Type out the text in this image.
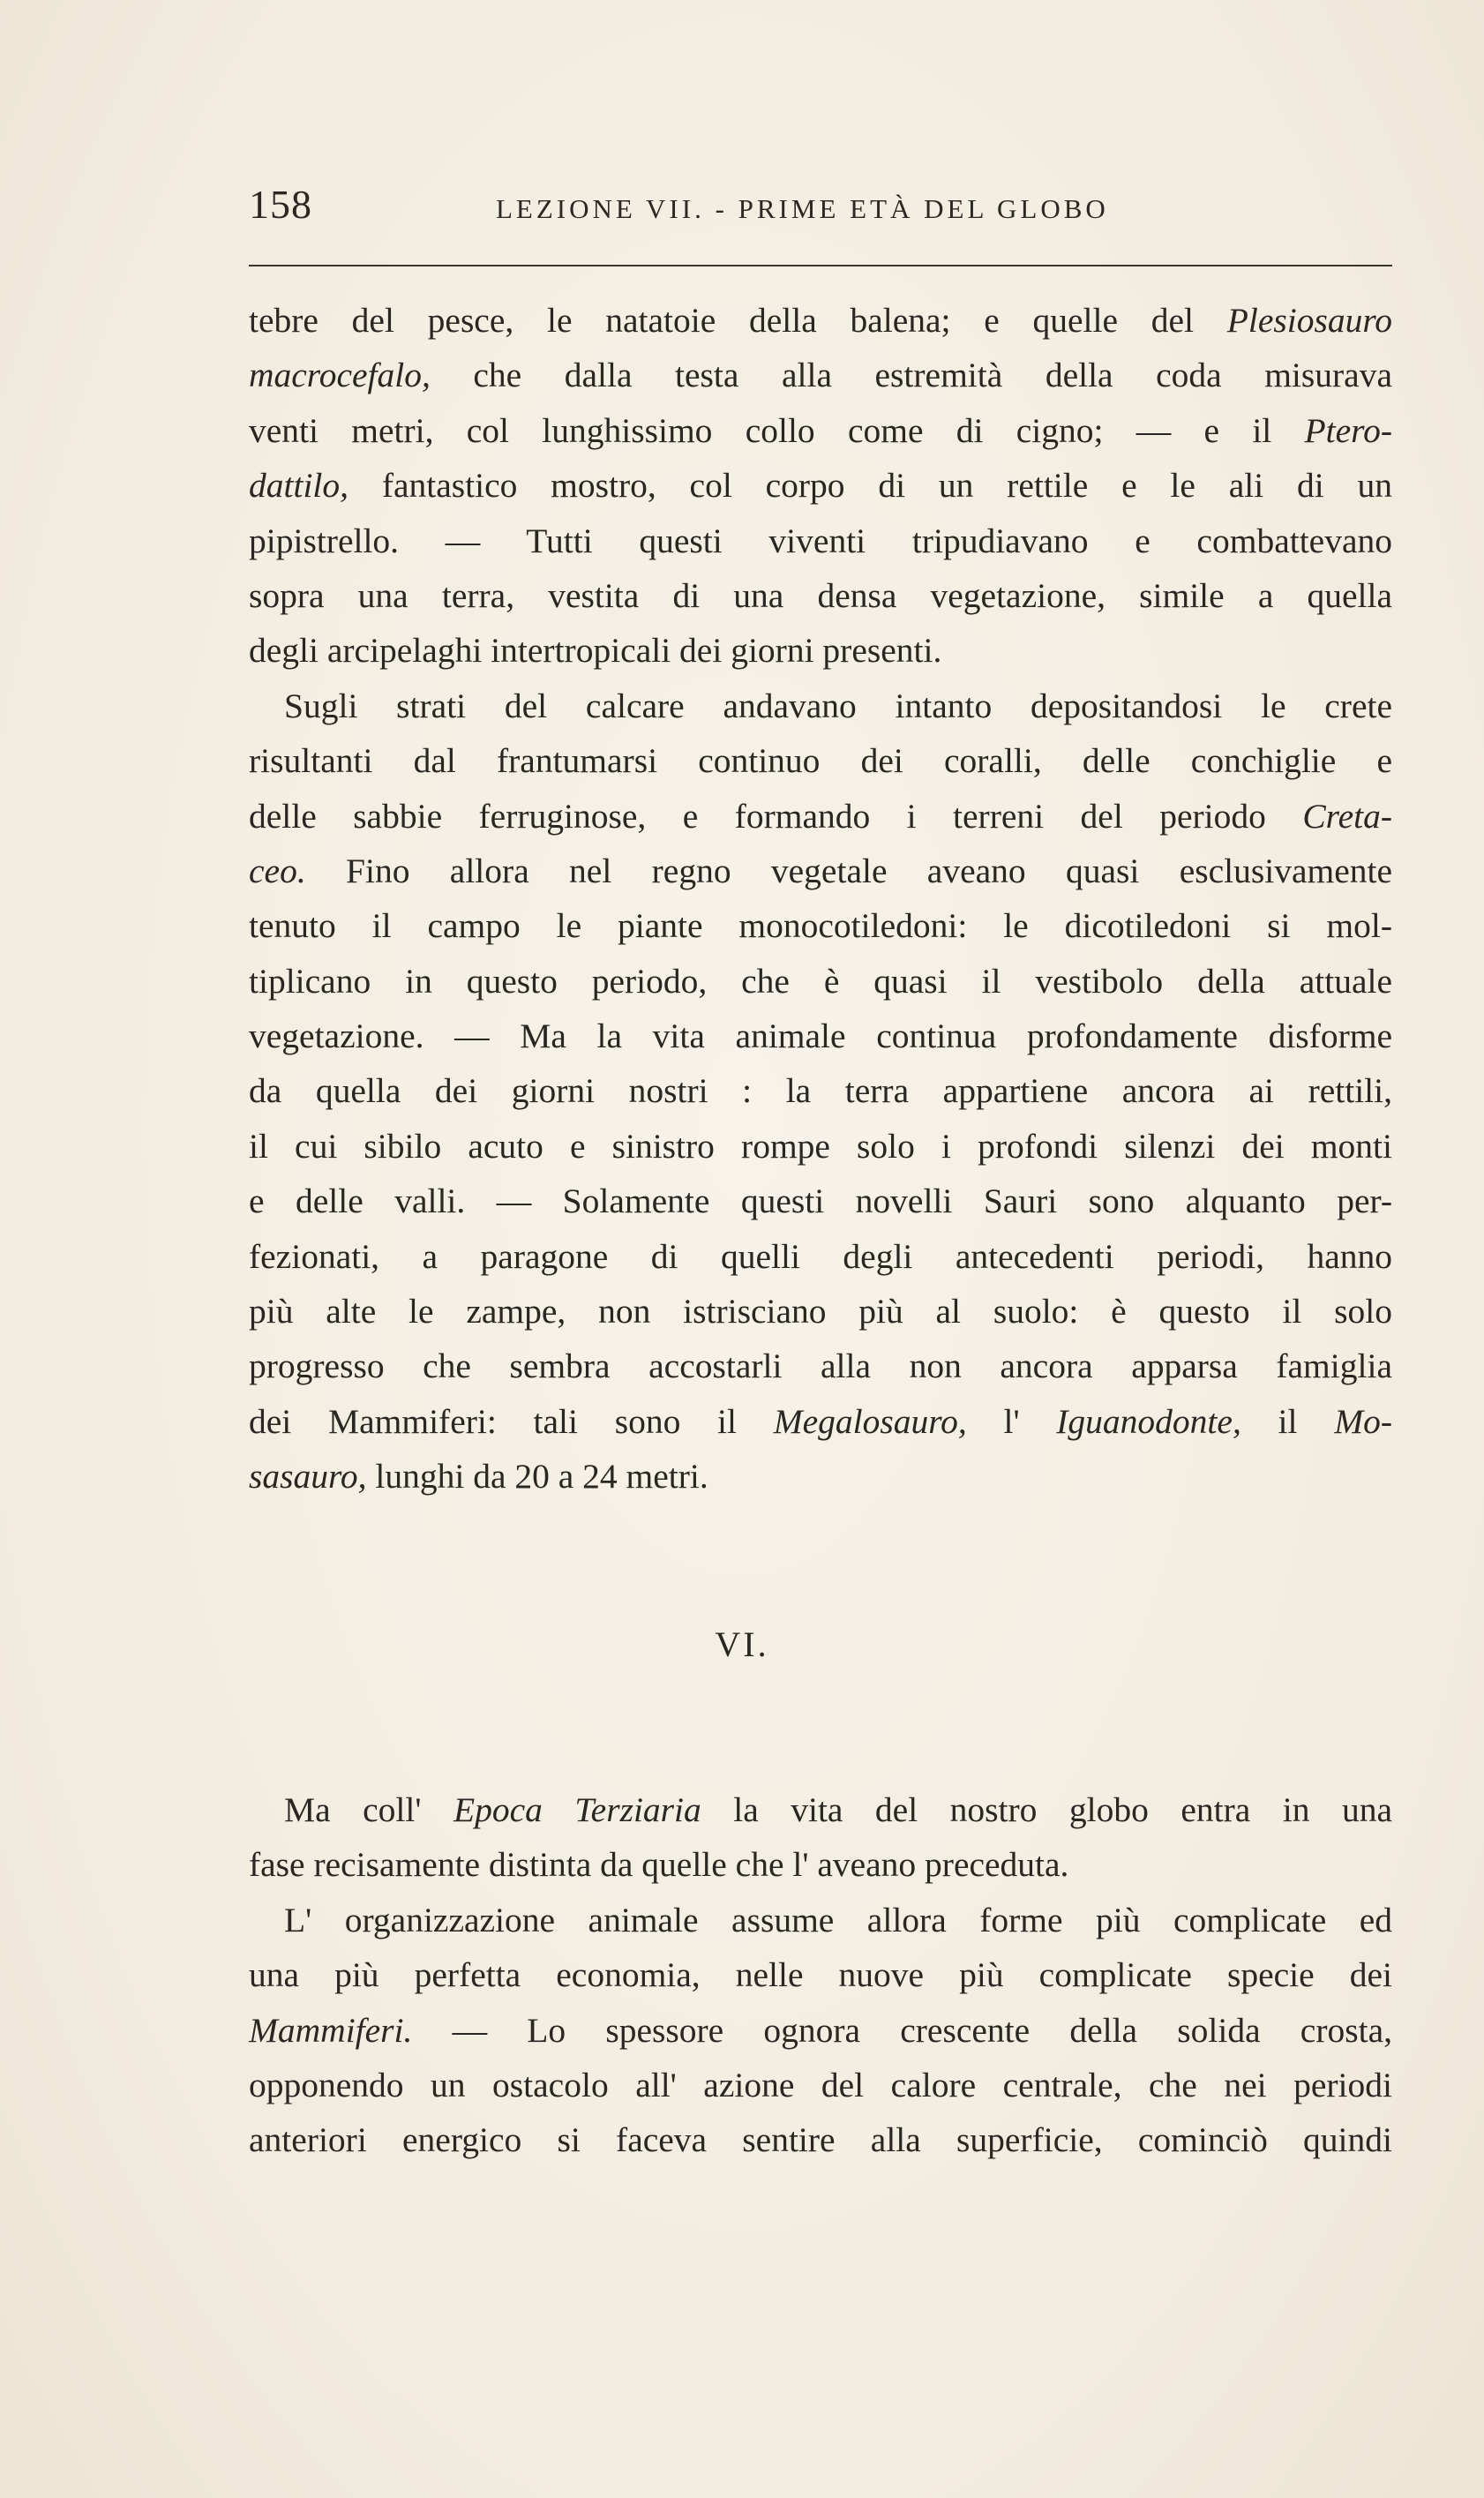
158	LEZIONE VII. - PRIME ETÀ DEL GLOBO
tebre del pesce, le natatoie della balena; e quelle del Plesiosauro
macrocefalo, che dalla testa alla estremità della coda misurava
venti metri, col lunghissimo collo come di cigno; — e il Ptero-
dattilo, fantastico mostro, col corpo di un rettile e le ali di un
pipistrello. — Tutti questi viventi tripudiavano e combattevano
sopra una terra, vestita di una densa vegetazione, simile a quella
degli arcipelaghi intertropicali dei giorni presenti.
Sugli strati del calcare andavano intanto depositandosi le crete
risultanti dal frantumarsi continuo dei coralli, delle conchiglie e
delle sabbie ferruginose, e formando i terreni del periodo Creta-
ceo. Fino allora nel regno vegetale aveano quasi esclusivamente
tenuto il campo le piante monocotiledoni: le dicotiledoni si mol-
tiplicano in questo periodo, che è quasi il vestibolo della attuale
vegetazione. — Ma la vita animale continua profondamente disforme
da quella dei giorni nostri : la terra appartiene ancora ai rettili,
il cui sibilo acuto e sinistro rompe solo i profondi silenzi dei monti
e delle valli. — Solamente questi novelli Sauri sono alquanto per-
fezionati, a paragone di quelli degli antecedenti periodi, hanno
più alte le zampe, non istrisciano più al suolo: è questo il solo
progresso che sembra accostarli alla non ancora apparsa famiglia
dei Mammiferi: tali sono il Megalosauro, l' Iguanodonte, il Mo-
sasauro, lunghi da 20 a 24 metri.
VI.
Ma coll' Epoca Terziaria la vita del nostro globo entra in una
fase recisamente distinta da quelle che l' aveano preceduta.
L' organizzazione animale assume allora forme più complicate ed
una più perfetta economia, nelle nuove più complicate specie dei
Mammiferi. — Lo spessore ognora crescente della solida crosta,
opponendo un ostacolo all' azione del calore centrale, che nei periodi
anteriori energico si faceva sentire alla superficie, cominciò quindi
